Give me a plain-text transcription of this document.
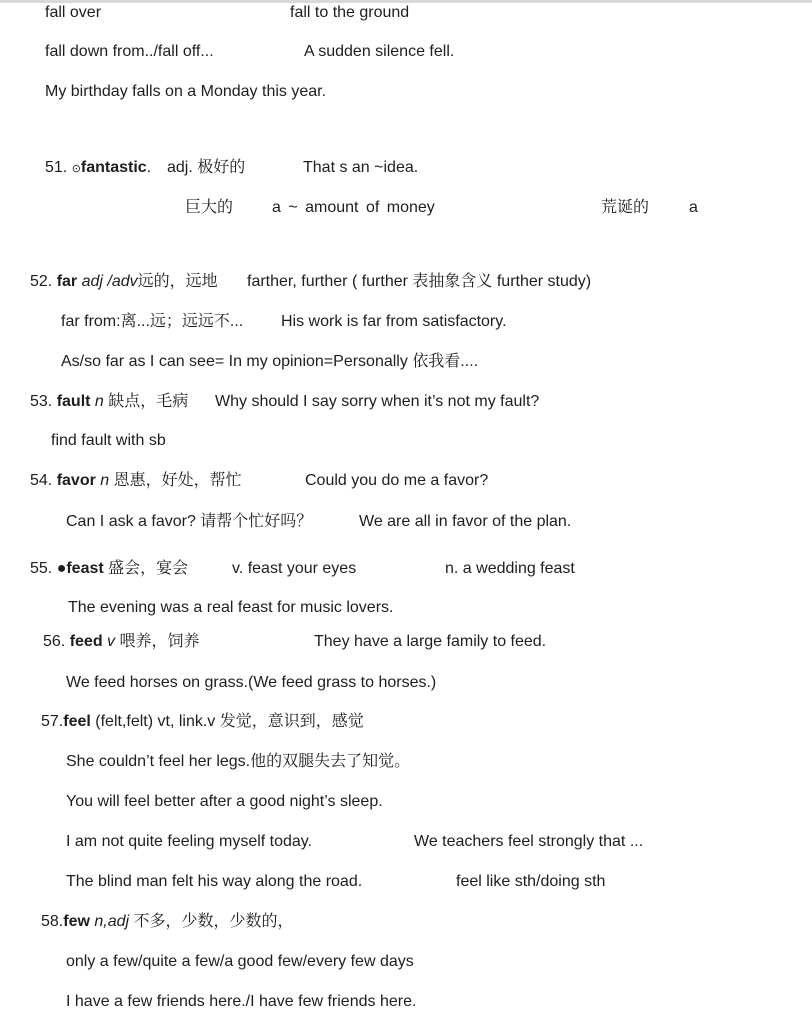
fall over	fall to the ground
fall down from../fall off...	A sudden silence fell.
My birthday falls on a Monday this year.
51. ⊙fantastic. adj. 极好的	That s an ~idea.
巨大的 a ~ amount of money	荒诞的 a
52. far adj /adv远的，远地 farther, further ( further 表抽象含义 further study)
far from:离...远；远远不... His work is far from satisfactory.
As/so far as I can see= In my opinion=Personally 依我看....
53. fault n 缺点，毛病 Why should I say sorry when it’s not my fault?
find fault with sb
54. favor n 恩惠，好处，帮忙	Could you do me a favor?
Can I ask a favor? 请帮个忙好吗？	We are all in favor of the plan.
55. ●feast 盛会，宴会	v. feast your eyes	n. a wedding feast
The evening was a real feast for music lovers.
56. feed v 喂养，饲养	They have a large family to feed.
We feed horses on grass.(We feed grass to horses.)
57.feel (felt,felt) vt, link.v 发觉，意识到，感觉
She couldn’t feel her legs.他的双腿失去了知觉。
You will feel better after a good night’s sleep.
I am not quite feeling myself today.	We teachers feel strongly that ...
The blind man felt his way along the road.	feel like sth/doing sth
58.few n,adj 不多，少数，少数的，
only a few/quite a few/a good few/every few days
I have a few friends here./I have few friends here.
